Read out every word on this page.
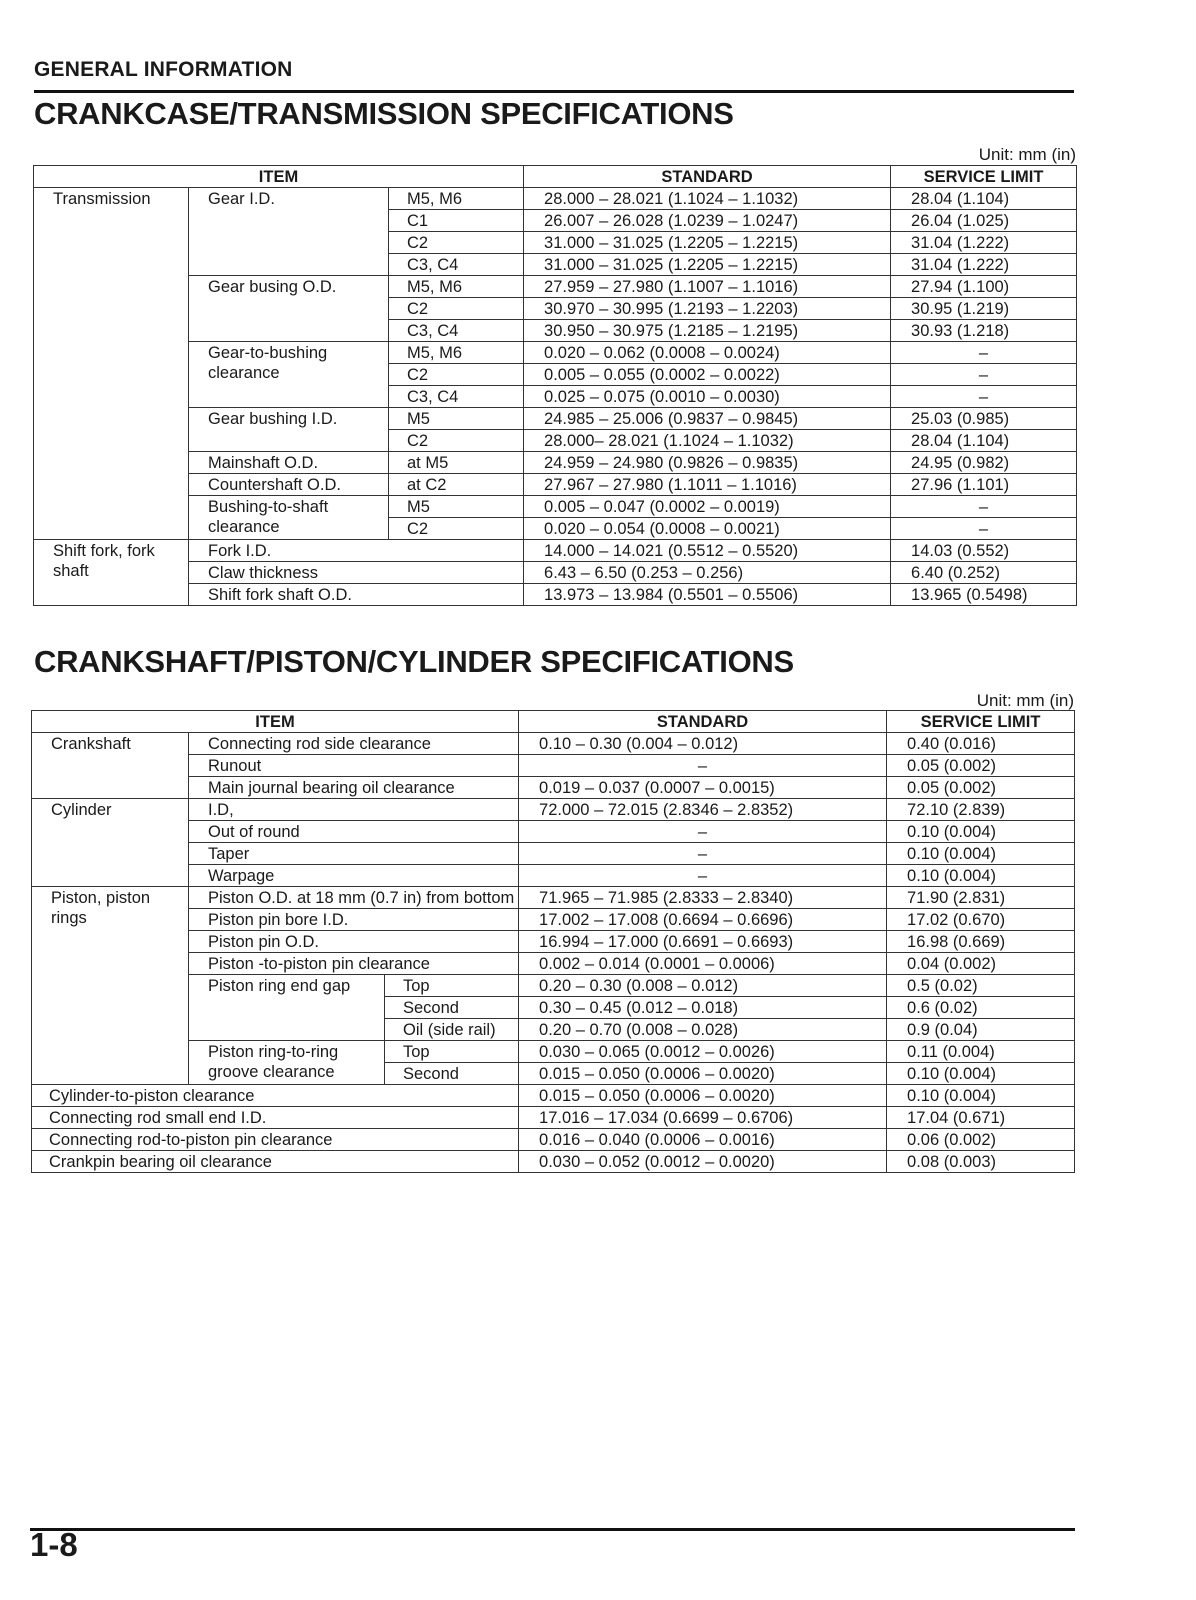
GENERAL INFORMATION
CRANKCASE/TRANSMISSION SPECIFICATIONS
Unit: mm (in)
ITEM			STANDARD	SERVICE LIMIT
Transmission	Gear I.D.	M5, M6	28.000 – 28.021 (1.1024 – 1.1032)	28.04 (1.104)
		C1	26.007 – 26.028 (1.0239 – 1.0247)	26.04 (1.025)
		C2	31.000 – 31.025 (1.2205 – 1.2215)	31.04 (1.222)
		C3, C4	31.000 – 31.025 (1.2205 – 1.2215)	31.04 (1.222)
	Gear busing O.D.	M5, M6	27.959 – 27.980 (1.1007 – 1.1016)	27.94 (1.100)
		C2	30.970 – 30.995 (1.2193 – 1.2203)	30.95 (1.219)
		C3, C4	30.950 – 30.975 (1.2185 – 1.2195)	30.93 (1.218)
	Gear-to-bushing clearance	M5, M6	0.020 – 0.062 (0.0008 – 0.0024)	–
		C2	0.005 – 0.055 (0.0002 – 0.0022)	–
		C3, C4	0.025 – 0.075 (0.0010 – 0.0030)	–
	Gear bushing I.D.	M5	24.985 – 25.006 (0.9837 – 0.9845)	25.03 (0.985)
		C2	28.000– 28.021 (1.1024 – 1.1032)	28.04 (1.104)
	Mainshaft O.D.	at M5	24.959 – 24.980 (0.9826 – 0.9835)	24.95 (0.982)
	Countershaft O.D.	at C2	27.967 – 27.980 (1.1011 – 1.1016)	27.96 (1.101)
	Bushing-to-shaft clearance	M5	0.005 – 0.047 (0.0002 – 0.0019)	–
		C2	0.020 – 0.054 (0.0008 – 0.0021)	–
Shift fork, fork shaft	Fork I.D.		14.000 – 14.021 (0.5512 – 0.5520)	14.03 (0.552)
	Claw thickness		6.43 – 6.50 (0.253 – 0.256)	6.40 (0.252)
	Shift fork shaft O.D.		13.973 – 13.984 (0.5501 – 0.5506)	13.965 (0.5498)
CRANKSHAFT/PISTON/CYLINDER SPECIFICATIONS
Unit: mm (in)
ITEM			STANDARD	SERVICE LIMIT
Crankshaft	Connecting rod side clearance		0.10 – 0.30 (0.004 – 0.012)	0.40 (0.016)
	Runout		–	0.05 (0.002)
	Main journal bearing oil clearance		0.019 – 0.037 (0.0007 – 0.0015)	0.05 (0.002)
Cylinder	I.D,		72.000 – 72.015 (2.8346 – 2.8352)	72.10 (2.839)
	Out of round		–	0.10 (0.004)
	Taper		–	0.10 (0.004)
	Warpage		–	0.10 (0.004)
Piston, piston rings	Piston O.D. at 18 mm (0.7 in) from bottom		71.965 – 71.985 (2.8333 – 2.8340)	71.90 (2.831)
	Piston pin bore I.D.		17.002 – 17.008 (0.6694 – 0.6696)	17.02 (0.670)
	Piston pin O.D.		16.994 – 17.000 (0.6691 – 0.6693)	16.98 (0.669)
	Piston -to-piston pin clearance		0.002 – 0.014 (0.0001 – 0.0006)	0.04 (0.002)
	Piston ring end gap	Top	0.20 – 0.30 (0.008 – 0.012)	0.5 (0.02)
		Second	0.30 – 0.45 (0.012 – 0.018)	0.6 (0.02)
		Oil (side rail)	0.20 – 0.70 (0.008 – 0.028)	0.9 (0.04)
	Piston ring-to-ring groove clearance	Top	0.030 – 0.065 (0.0012 – 0.0026)	0.11 (0.004)
		Second	0.015 – 0.050 (0.0006 – 0.0020)	0.10 (0.004)
Cylinder-to-piston clearance			0.015 – 0.050 (0.0006 – 0.0020)	0.10 (0.004)
Connecting rod small end I.D.			17.016 – 17.034 (0.6699 – 0.6706)	17.04 (0.671)
Connecting rod-to-piston pin clearance			0.016 – 0.040 (0.0006 – 0.0016)	0.06 (0.002)
Crankpin bearing oil clearance			0.030 – 0.052 (0.0012 – 0.0020)	0.08 (0.003)
1-8
